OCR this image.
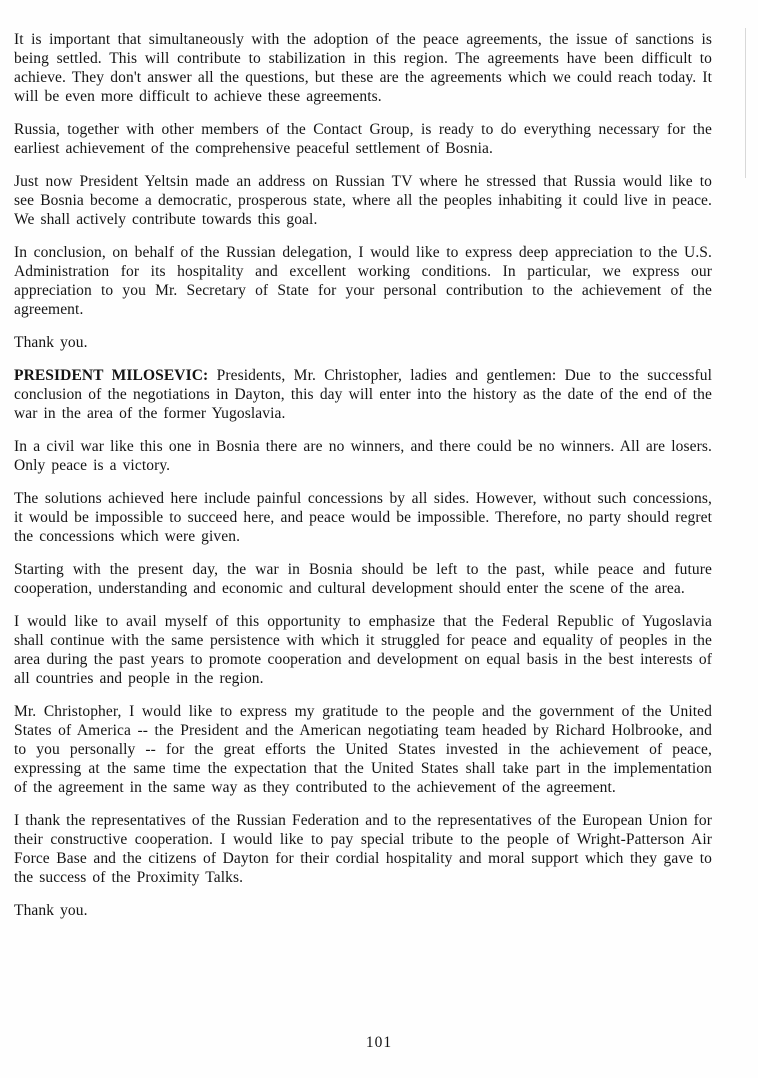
It is important that simultaneously with the adoption of the peace agreements, the issue of sanctions is being settled. This will contribute to stabilization in this region. The agreements have been difficult to achieve. They don't answer all the questions, but these are the agreements which we could reach today. It will be even more difficult to achieve these agreements.

Russia, together with other members of the Contact Group, is ready to do everything necessary for the earliest achievement of the comprehensive peaceful settlement of Bosnia.

Just now President Yeltsin made an address on Russian TV where he stressed that Russia would like to see Bosnia become a democratic, prosperous state, where all the peoples inhabiting it could live in peace. We shall actively contribute towards this goal.

In conclusion, on behalf of the Russian delegation, I would like to express deep appreciation to the U.S. Administration for its hospitality and excellent working conditions. In particular, we express our appreciation to you Mr. Secretary of State for your personal contribution to the achievement of the agreement.

Thank you.

PRESIDENT MILOSEVIC: Presidents, Mr. Christopher, ladies and gentlemen: Due to the successful conclusion of the negotiations in Dayton, this day will enter into the history as the date of the end of the war in the area of the former Yugoslavia.

In a civil war like this one in Bosnia there are no winners, and there could be no winners. All are losers. Only peace is a victory.

The solutions achieved here include painful concessions by all sides. However, without such concessions, it would be impossible to succeed here, and peace would be impossible. Therefore, no party should regret the concessions which were given.

Starting with the present day, the war in Bosnia should be left to the past, while peace and future cooperation, understanding and economic and cultural development should enter the scene of the area.

I would like to avail myself of this opportunity to emphasize that the Federal Republic of Yugoslavia shall continue with the same persistence with which it struggled for peace and equality of peoples in the area during the past years to promote cooperation and development on equal basis in the best interests of all countries and people in the region.

Mr. Christopher, I would like to express my gratitude to the people and the government of the United States of America -- the President and the American negotiating team headed by Richard Holbrooke, and to you personally -- for the great efforts the United States invested in the achievement of peace, expressing at the same time the expectation that the United States shall take part in the implementation of the agreement in the same way as they contributed to the achievement of the agreement.

I thank the representatives of the Russian Federation and to the representatives of the European Union for their constructive cooperation. I would like to pay special tribute to the people of Wright-Patterson Air Force Base and the citizens of Dayton for their cordial hospitality and moral support which they gave to the success of the Proximity Talks.

Thank you.

101
